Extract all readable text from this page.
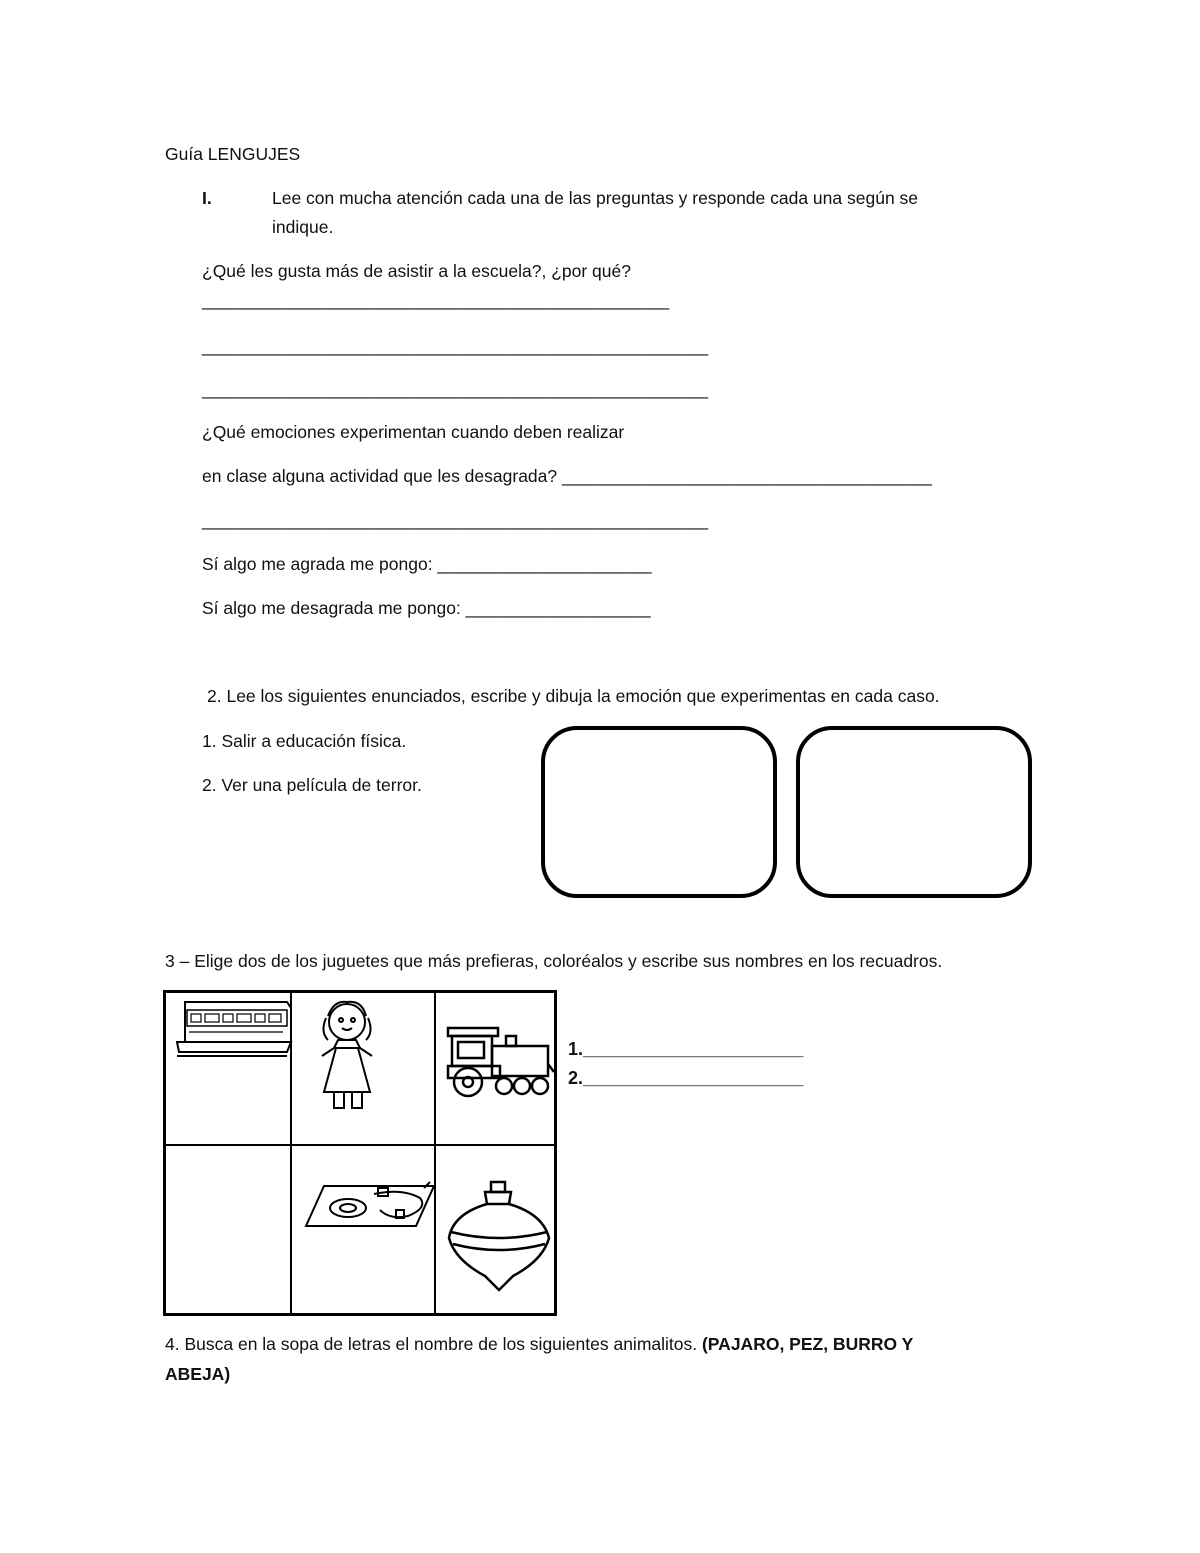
Guía LENGUJES
I.	Lee con mucha atención cada una de las preguntas y responde cada una según se
indique.
¿Qué les gusta más de asistir a la escuela?, ¿por qué?
________________________________________________
____________________________________________________
____________________________________________________
¿Qué emociones experimentan cuando deben realizar
en clase alguna actividad que les desagrada? ______________________________________
____________________________________________________
Sí algo me agrada me pongo: ______________________
Sí algo me desagrada me pongo: ___________________
2. Lee los siguientes enunciados, escribe y dibuja la emoción que experimentas en cada caso.
1. Salir a educación física.
2. Ver una película de terror.
3 – Elige dos de los juguetes que más prefieras, coloréalos y escribe sus nombres en los recuadros.
1.______________________
2.______________________
4. Busca en la sopa de letras el nombre de los siguientes animalitos. (PAJARO, PEZ, BURRO Y
ABEJA)
